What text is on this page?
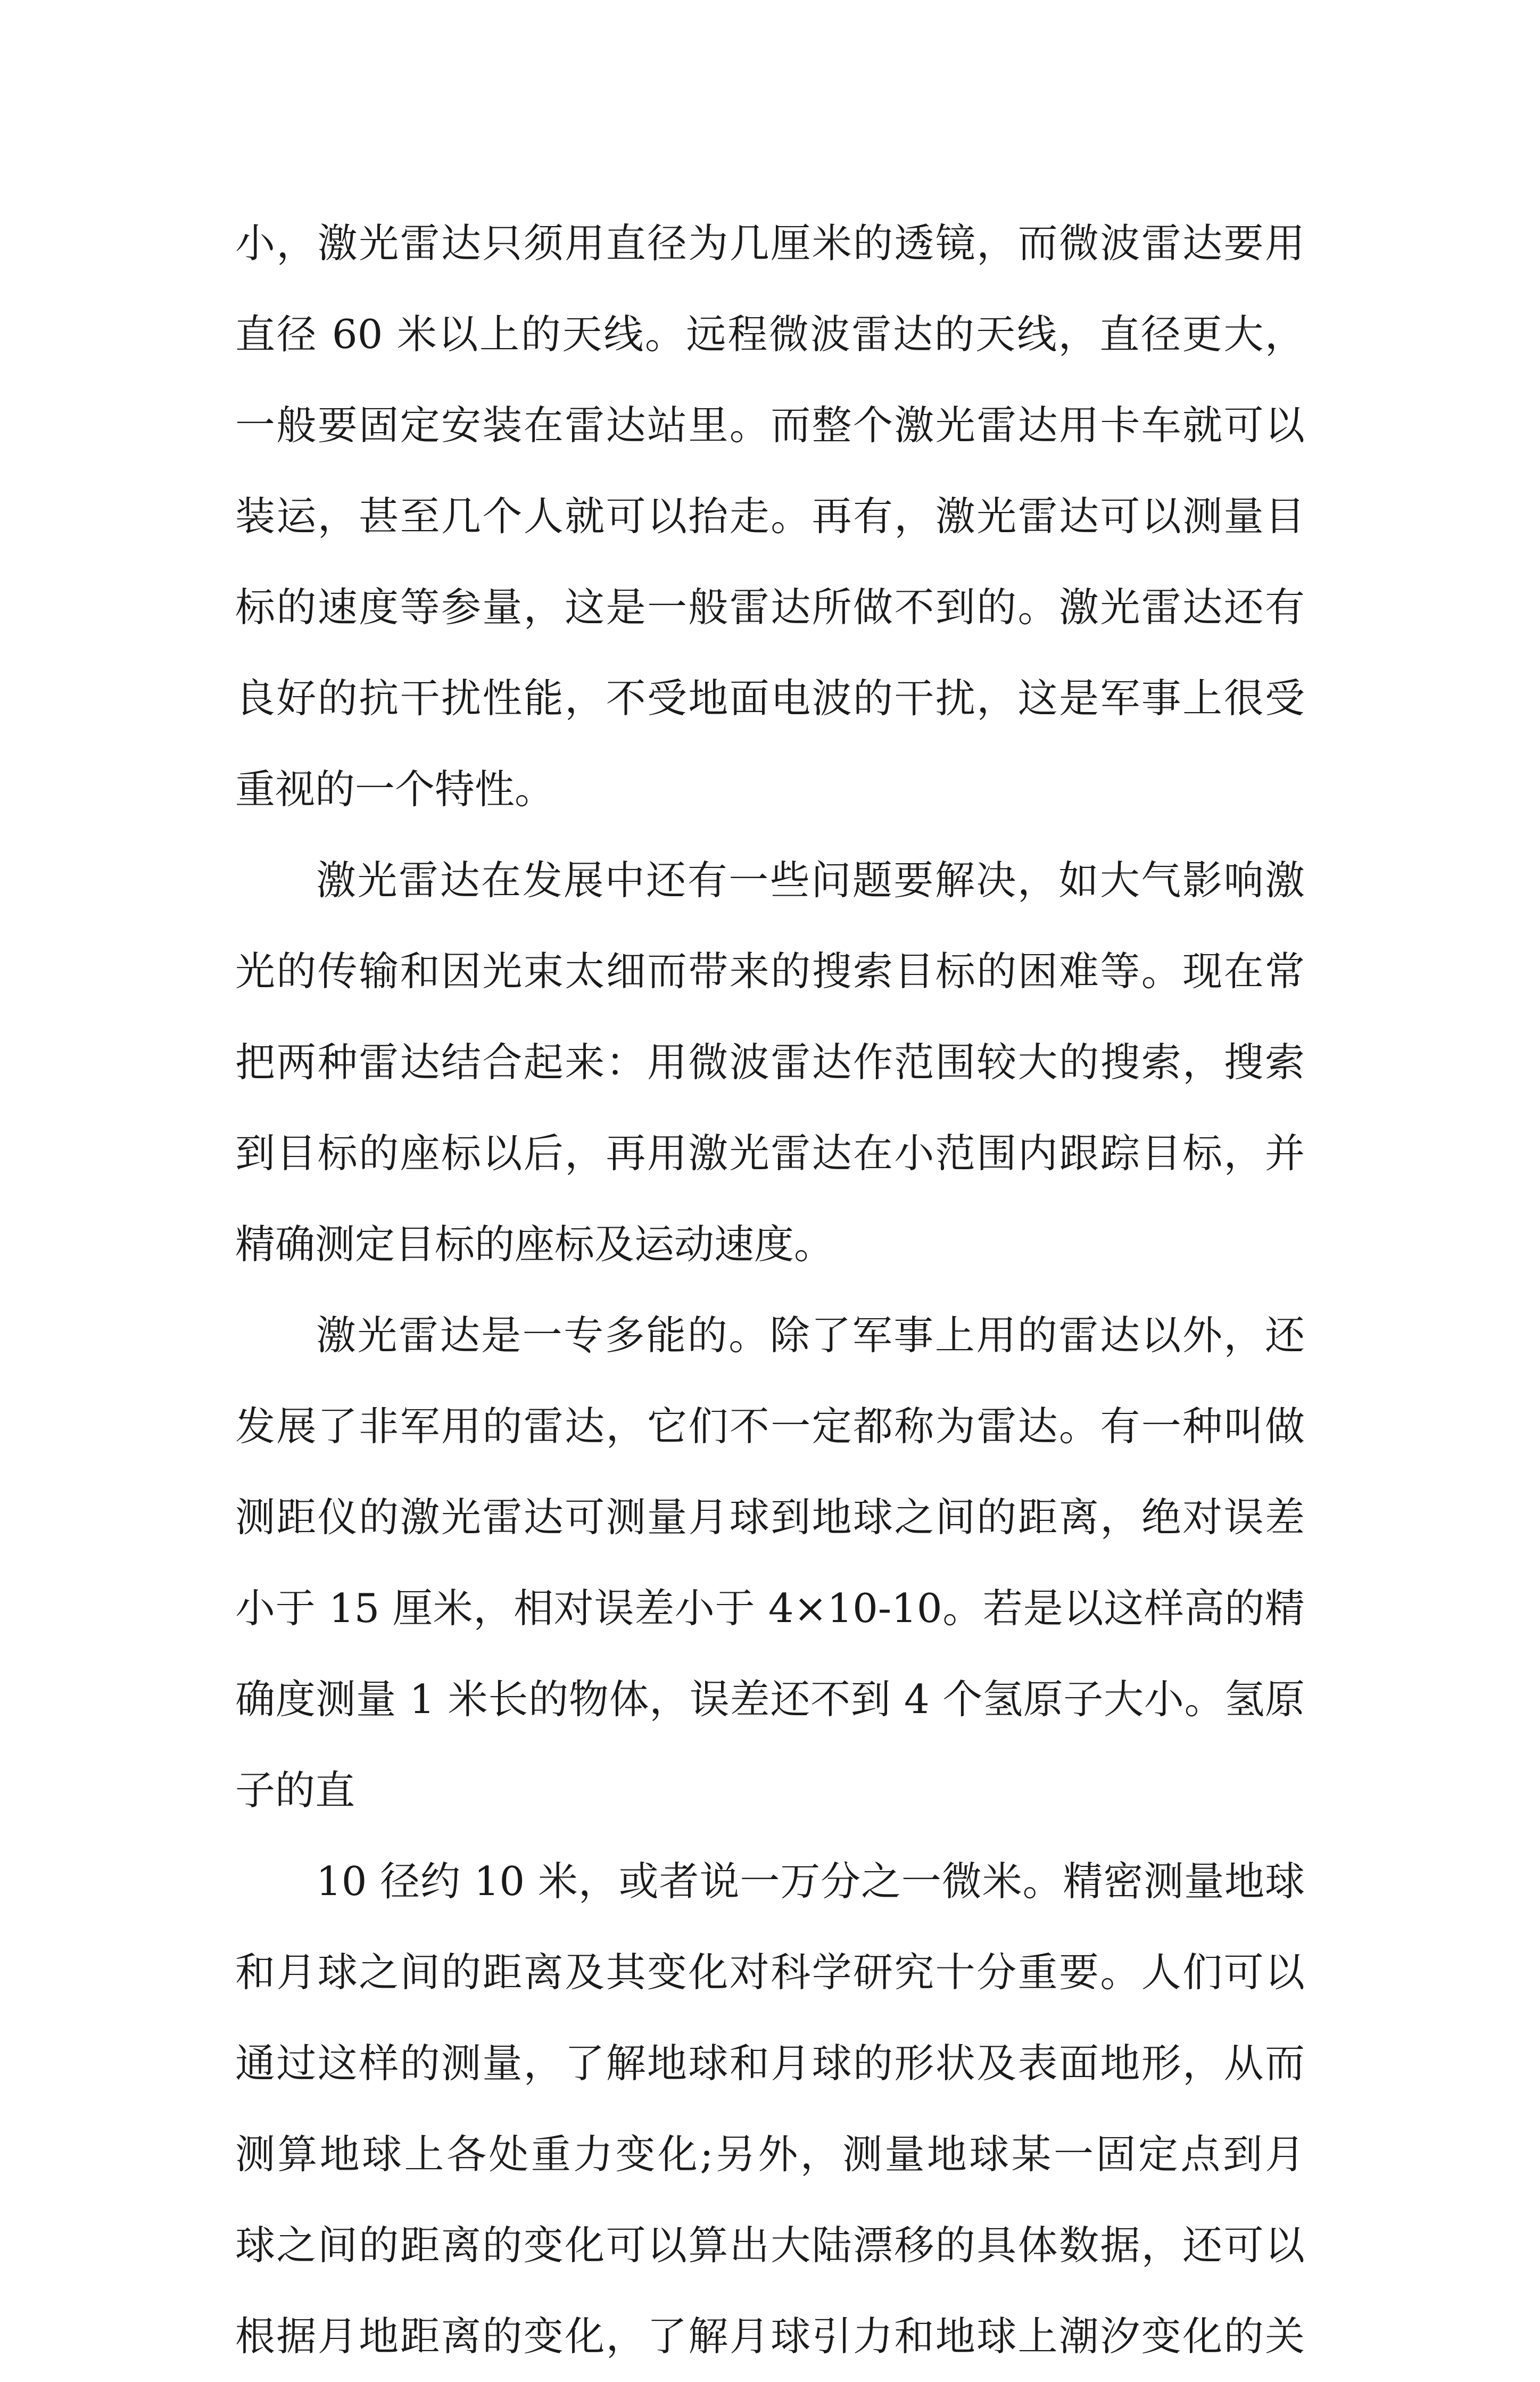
小，激光雷达只须用直径为几厘米的透镜，而微波雷达要用
直径 60 米以上的天线。远程微波雷达的天线，直径更大，
一般要固定安装在雷达站里。而整个激光雷达用卡车就可以
装运，甚至几个人就可以抬走。再有，激光雷达可以测量目
标的速度等参量，这是一般雷达所做不到的。激光雷达还有
良好的抗干扰性能，不受地面电波的干扰，这是军事上很受
重视的一个特性。
激光雷达在发展中还有一些问题要解决，如大气影响激
光的传输和因光束太细而带来的搜索目标的困难等。现在常
把两种雷达结合起来：用微波雷达作范围较大的搜索，搜索
到目标的座标以后，再用激光雷达在小范围内跟踪目标，并
精确测定目标的座标及运动速度。
激光雷达是一专多能的。除了军事上用的雷达以外，还
发展了非军用的雷达，它们不一定都称为雷达。有一种叫做
测距仪的激光雷达可测量月球到地球之间的距离，绝对误差
小于 15 厘米，相对误差小于 4×10-10。若是以这样高的精
确度测量 1 米长的物体，误差还不到 4 个氢原子大小。氢原
子的直
10 径约 10 米，或者说一万分之一微米。精密测量地球
和月球之间的距离及其变化对科学研究十分重要。人们可以
通过这样的测量，了解地球和月球的形状及表面地形，从而
测算地球上各处重力变化;另外，测量地球某一固定点到月
球之间的距离的变化可以算出大陆漂移的具体数据，还可以
根据月地距离的变化，了解月球引力和地球上潮汐变化的关
